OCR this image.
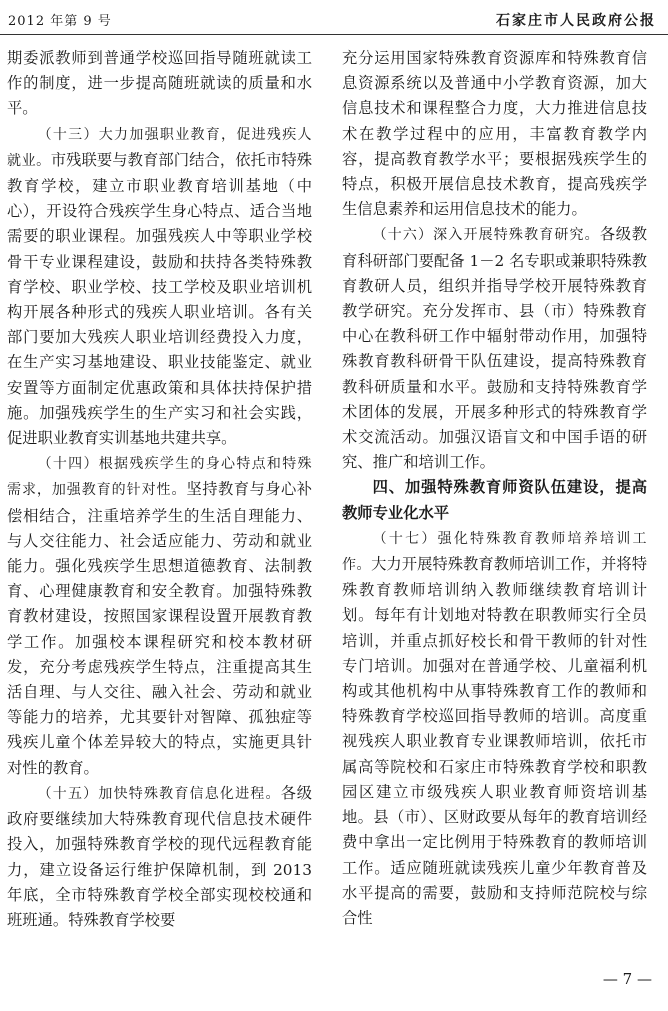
2012 年第 9 号	石家庄市人民政府公报

期委派教师到普通学校巡回指导随班就读工作的制度，进一步提高随班就读的质量和水平。

（十三）大力加强职业教育，促进残疾人就业。市残联要与教育部门结合，依托市特殊教育学校，建立市职业教育培训基地（中心），开设符合残疾学生身心特点、适合当地需要的职业课程。加强残疾人中等职业学校骨干专业课程建设，鼓励和扶持各类特殊教育学校、职业学校、技工学校及职业培训机构开展各种形式的残疾人职业培训。各有关部门要加大残疾人职业培训经费投入力度，在生产实习基地建设、职业技能鉴定、就业安置等方面制定优惠政策和具体扶持保护措施。加强残疾学生的生产实习和社会实践，促进职业教育实训基地共建共享。

（十四）根据残疾学生的身心特点和特殊需求，加强教育的针对性。坚持教育与身心补偿相结合，注重培养学生的生活自理能力、与人交往能力、社会适应能力、劳动和就业能力。强化残疾学生思想道德教育、法制教育、心理健康教育和安全教育。加强特殊教育教材建设，按照国家课程设置开展教育教学工作。加强校本课程研究和校本教材研发，充分考虑残疾学生特点，注重提高其生活自理、与人交往、融入社会、劳动和就业等能力的培养，尤其要针对智障、孤独症等残疾儿童个体差异较大的特点，实施更具针对性的教育。

（十五）加快特殊教育信息化进程。各级政府要继续加大特殊教育现代信息技术硬件投入，加强特殊教育学校的现代远程教育能力，建立设备运行维护保障机制，到 2013 年底，全市特殊教育学校全部实现校校通和班班通。特殊教育学校要

充分运用国家特殊教育资源库和特殊教育信息资源系统以及普通中小学教育资源，加大信息技术和课程整合力度，大力推进信息技术在教学过程中的应用，丰富教育教学内容，提高教育教学水平；要根据残疾学生的特点，积极开展信息技术教育，提高残疾学生信息素养和运用信息技术的能力。

（十六）深入开展特殊教育研究。各级教育科研部门要配备 1－2 名专职或兼职特殊教育教研人员，组织并指导学校开展特殊教育教学研究。充分发挥市、县（市）特殊教育中心在教科研工作中辐射带动作用，加强特殊教育教科研骨干队伍建设，提高特殊教育教科研质量和水平。鼓励和支持特殊教育学术团体的发展，开展多种形式的特殊教育学术交流活动。加强汉语盲文和中国手语的研究、推广和培训工作。

四、加强特殊教育师资队伍建设，提高教师专业化水平

（十七）强化特殊教育教师培养培训工作。大力开展特殊教育教师培训工作，并将特殊教育教师培训纳入教师继续教育培训计划。每年有计划地对特教在职教师实行全员培训，并重点抓好校长和骨干教师的针对性专门培训。加强对在普通学校、儿童福利机构或其他机构中从事特殊教育工作的教师和特殊教育学校巡回指导教师的培训。高度重视残疾人职业教育专业课教师培训，依托市属高等院校和石家庄市特殊教育学校和职教园区建立市级残疾人职业教育师资培训基地。县（市）、区财政要从每年的教育培训经费中拿出一定比例用于特殊教育的教师培训工作。适应随班就读残疾儿童少年教育普及水平提高的需要，鼓励和支持师范院校与综合性

— 7 —
